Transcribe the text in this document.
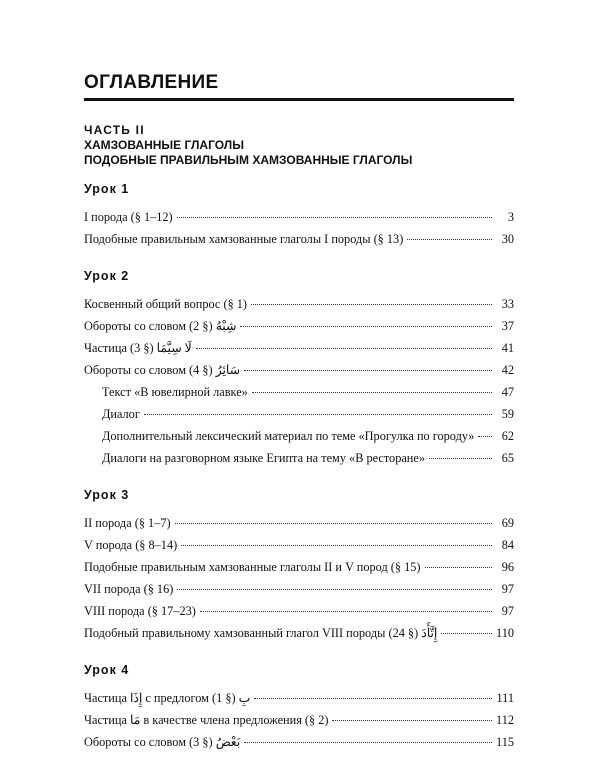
ОГЛАВЛЕНИЕ
ЧАСТЬ II
ХАМЗОВАННЫЕ ГЛАГОЛЫ
ПОДОБНЫЕ ПРАВИЛЬНЫМ ХАМЗОВАННЫЕ ГЛАГОЛЫ
Урок 1
I порода (§ 1–12)	3
Подобные правильным хамзованные глаголы I породы (§ 13)	30
Урок 2
Косвенный общий вопрос (§ 1)	33
Обороты со словом شِبْهُ (§ 2)	37
Частица لَا سِيَّمَا (§ 3)	41
Обороты со словом سَائِرُ (§ 4)	42
Текст «В ювелирной лавке»	47
Диалог	59
Дополнительный лексический материал по теме «Прогулка по городу»	62
Диалоги на разговорном языке Египта на тему «В ресторане»	65
Урок 3
II порода (§ 1–7)	69
V порода (§ 8–14)	84
Подобные правильным хамзованные глаголы II и V пород (§ 15)	96
VII порода (§ 16)	97
VIII порода (§ 17–23)	97
Подобный правильному хамзованный глагол VIII породы إِتَّأَدَ (§ 24)	110
Урок 4
Частица إِذَا с предлогом بِ (§ 1)	111
Частица مَا в качестве члена предложения (§ 2)	112
Обороты со словом بَعْضُ (§ 3)	115
